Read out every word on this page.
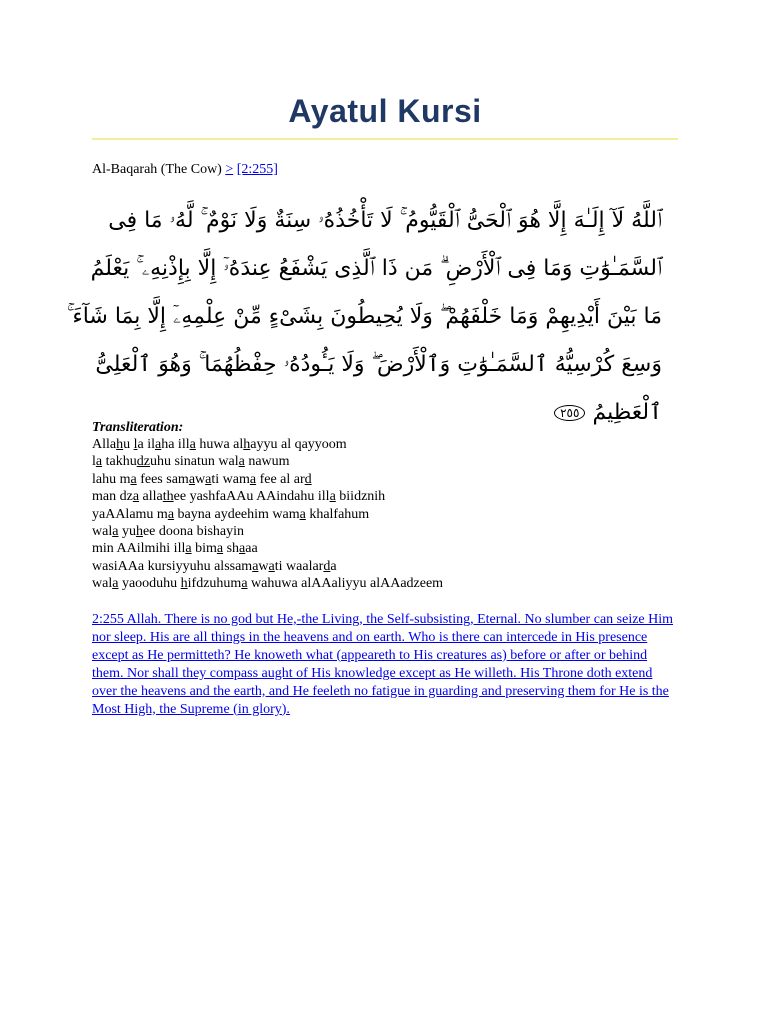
Ayatul Kursi
Al-Baqarah (The Cow) > [2:255]
ٱللَّهُ لَآ إِلَـٰهَ إِلَّا هُوَ ٱلْحَىُّ ٱلْقَيُّومُ ۚ لَا تَأْخُذُهُۥ سِنَةٌ وَلَا نَوْمٌ ۚ لَّهُۥ مَا فِى
ٱلسَّمَـٰوَٰتِ وَمَا فِى ٱلْأَرْضِ ۗ مَن ذَا ٱلَّذِى يَشْفَعُ عِندَهُۥٓ إِلَّا بِإِذْنِهِۦ ۚ يَعْلَمُ
مَا بَيْنَ أَيْدِيهِمْ وَمَا خَلْفَهُمْ ۖ وَلَا يُحِيطُونَ بِشَىْءٍ مِّنْ عِلْمِهِۦٓ إِلَّا بِمَا شَآءَ ۚ
وَسِعَ كُرْسِيُّهُ ٱلسَّمَـٰوَٰتِ وَٱلْأَرْضَ ۖ وَلَا يَـُٔودُهُۥ حِفْظُهُمَا ۚ وَهُوَ ٱلْعَلِىُّ
ٱلْعَظِيمُ ٢٥٥
Transliteration:
Allahu la ilaha illa huwa alhayyu al qayyoom
la takhudzuhu sinatun wala nawum
lahu ma fees samawati wama fee al ard
man dza allathee yashfaAAu AAindahu illa biidznih
yaAAlamu ma bayna aydeehim wama khalfahum
wala yuhee doona bishayin
min AAilmihi illa bima shaaa
wasiAAa kursiyyuhu alssamawati waalarda
wala yaooduhu hifdzuhuma wahuwa alAAaliyyu alAAadzeem
2:255 Allah. There is no god but He,-the Living, the Self-subsisting, Eternal. No slumber can seize Him nor sleep. His are all things in the heavens and on earth. Who is there can intercede in His presence except as He permitteth? He knoweth what (appeareth to His creatures as) before or after or behind them. Nor shall they compass aught of His knowledge except as He willeth. His Throne doth extend over the heavens and the earth, and He feeleth no fatigue in guarding and preserving them for He is the Most High, the Supreme (in glory).
